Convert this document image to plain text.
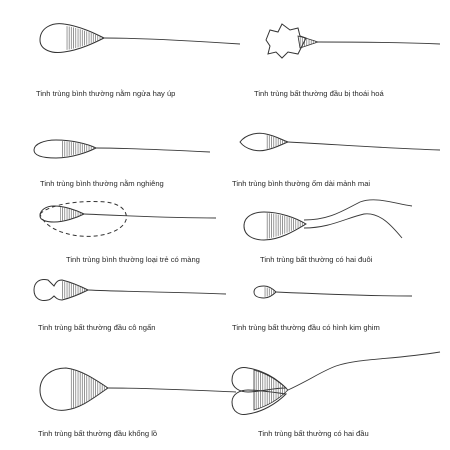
Tinh trùng bình thường nằm ngửa hay úp	Tinh trùng bất thường đầu bị thoái hoá
Tinh trùng bình thường nằm nghiêng	Tinh trùng bình thường ốm dài mảnh mai
Tinh trùng bình thường loại trẻ có màng	Tinh trùng bất thường có hai đuôi
Tinh trùng bất thường đầu cô ngấn	Tinh trùng bất thường đầu có hình kim ghim
Tinh trùng bất thường đầu khổng lồ	Tinh trùng bất thường có hai đầu
